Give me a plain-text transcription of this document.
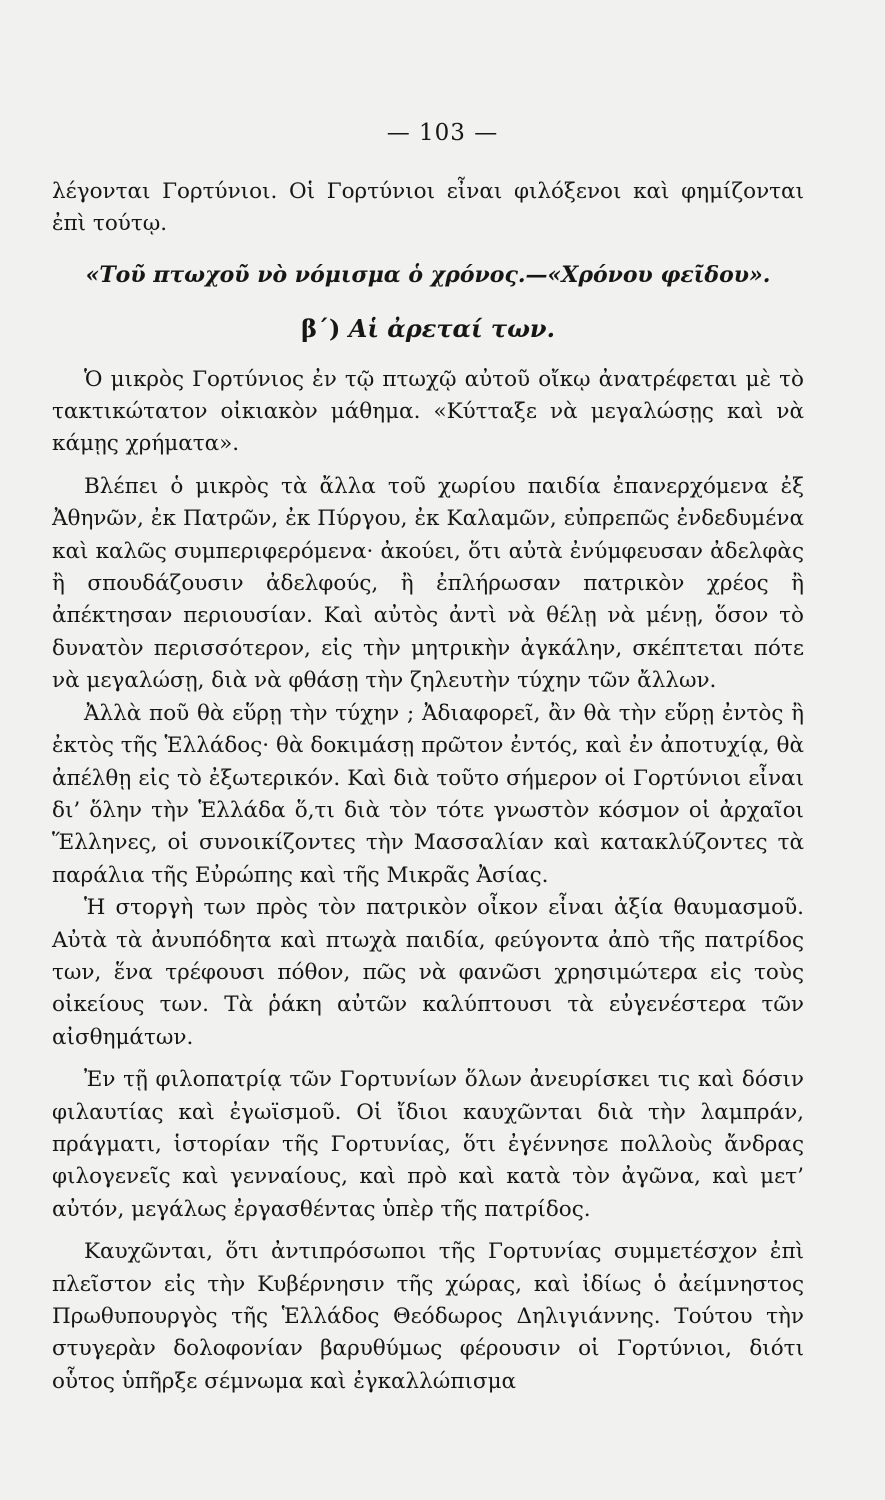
— 103 —

λέγονται Γορτύνιοι. Οἱ Γορτύνιοι εἶναι φιλόξενοι καὶ φημίζονται ἐπὶ τούτῳ.

«Τοῦ πτωχοῦ νὸ νόμισμα ὁ χρόνος.—«Χρόνου φεῖδου».

β΄) Αἱ ἀρεταί των.

Ὁ μικρὸς Γορτύνιος ἐν τῷ πτωχῷ αὐτοῦ οἴκῳ ἀνατρέφεται μὲ τὸ τακτικώτατον οἰκιακὸν μάθημα. «Κύτταξε νὰ μεγαλώσῃς καὶ νὰ κάμῃς χρήματα».

Βλέπει ὁ μικρὸς τὰ ἄλλα τοῦ χωρίου παιδία ἐπανερχόμενα ἐξ Ἀθηνῶν, ἐκ Πατρῶν, ἐκ Πύργου, ἐκ Καλαμῶν, εὐπρεπῶς ἐνδεδυμένα καὶ καλῶς συμπεριφερόμενα· ἀκούει, ὅτι αὐτὰ ἐνύμφευσαν ἀδελφὰς ἢ σπουδάζουσιν ἀδελφούς, ἢ ἐπλήρωσαν πατρικὸν χρέος ἢ ἀπέκτησαν περιουσίαν. Καὶ αὐτὸς ἀντὶ νὰ θέλῃ νὰ μένῃ, ὅσον τὸ δυνατὸν περισσότερον, εἰς τὴν μητρικὴν ἀγκάλην, σκέπτεται πότε νὰ μεγαλώσῃ, διὰ νὰ φθάσῃ τὴν ζηλευτὴν τύχην τῶν ἄλλων.

Ἀλλὰ ποῦ θὰ εὕρῃ τὴν τύχην ; Ἀδιαφορεῖ, ἂν θὰ τὴν εὕρῃ ἐντὸς ἢ ἐκτὸς τῆς Ἑλλάδος· θὰ δοκιμάσῃ πρῶτον ἐντός, καὶ ἐν ἀποτυχίᾳ, θὰ ἀπέλθῃ εἰς τὸ ἐξωτερικόν. Καὶ διὰ τοῦτο σήμερον οἱ Γορτύνιοι εἶναι δι’ ὅλην τὴν Ἑλλάδα ὅ,τι διὰ τὸν τότε γνωστὸν κόσμον οἱ ἀρχαῖοι Ἕλληνες, οἱ συνοικίζοντες τὴν Μασσαλίαν καὶ κατακλύζοντες τὰ παράλια τῆς Εὐρώπης καὶ τῆς Μικρᾶς Ἀσίας.

Ἡ στοργὴ των πρὸς τὸν πατρικὸν οἶκον εἶναι ἀξία θαυμασμοῦ. Αὐτὰ τὰ ἀνυπόδητα καὶ πτωχὰ παιδία, φεύγοντα ἀπὸ τῆς πατρίδος των, ἕνα τρέφουσι πόθον, πῶς νὰ φανῶσι χρησιμώτερα εἰς τοὺς οἰκείους των. Τὰ ῥάκη αὐτῶν καλύπτουσι τὰ εὐγενέστερα τῶν αἰσθημάτων.

Ἐν τῇ φιλοπατρίᾳ τῶν Γορτυνίων ὅλων ἀνευρίσκει τις καὶ δόσιν φιλαυτίας καὶ ἐγωϊσμοῦ. Οἱ ἴδιοι καυχῶνται διὰ τὴν λαμπράν, πράγματι, ἱστορίαν τῆς Γορτυνίας, ὅτι ἐγέννησε πολλοὺς ἄνδρας φιλογενεῖς καὶ γενναίους, καὶ πρὸ καὶ κατὰ τὸν ἀγῶνα, καὶ μετ’ αὐτόν, μεγάλως ἐργασθέντας ὑπὲρ τῆς πατρίδος.

Καυχῶνται, ὅτι ἀντιπρόσωποι τῆς Γορτυνίας συμμετέσχον ἐπὶ πλεῖστον εἰς τὴν Κυβέρνησιν τῆς χώρας, καὶ ἰδίως ὁ ἀείμνηστος Πρωθυπουργὸς τῆς Ἑλλάδος Θεόδωρος Δηλιγιάννης. Τούτου τὴν στυγερὰν δολοφονίαν βαρυθύμως φέρουσιν οἱ Γορτύνιοι, διότι οὗτος ὑπῆρξε σέμνωμα καὶ ἐγκαλλώπισμα
